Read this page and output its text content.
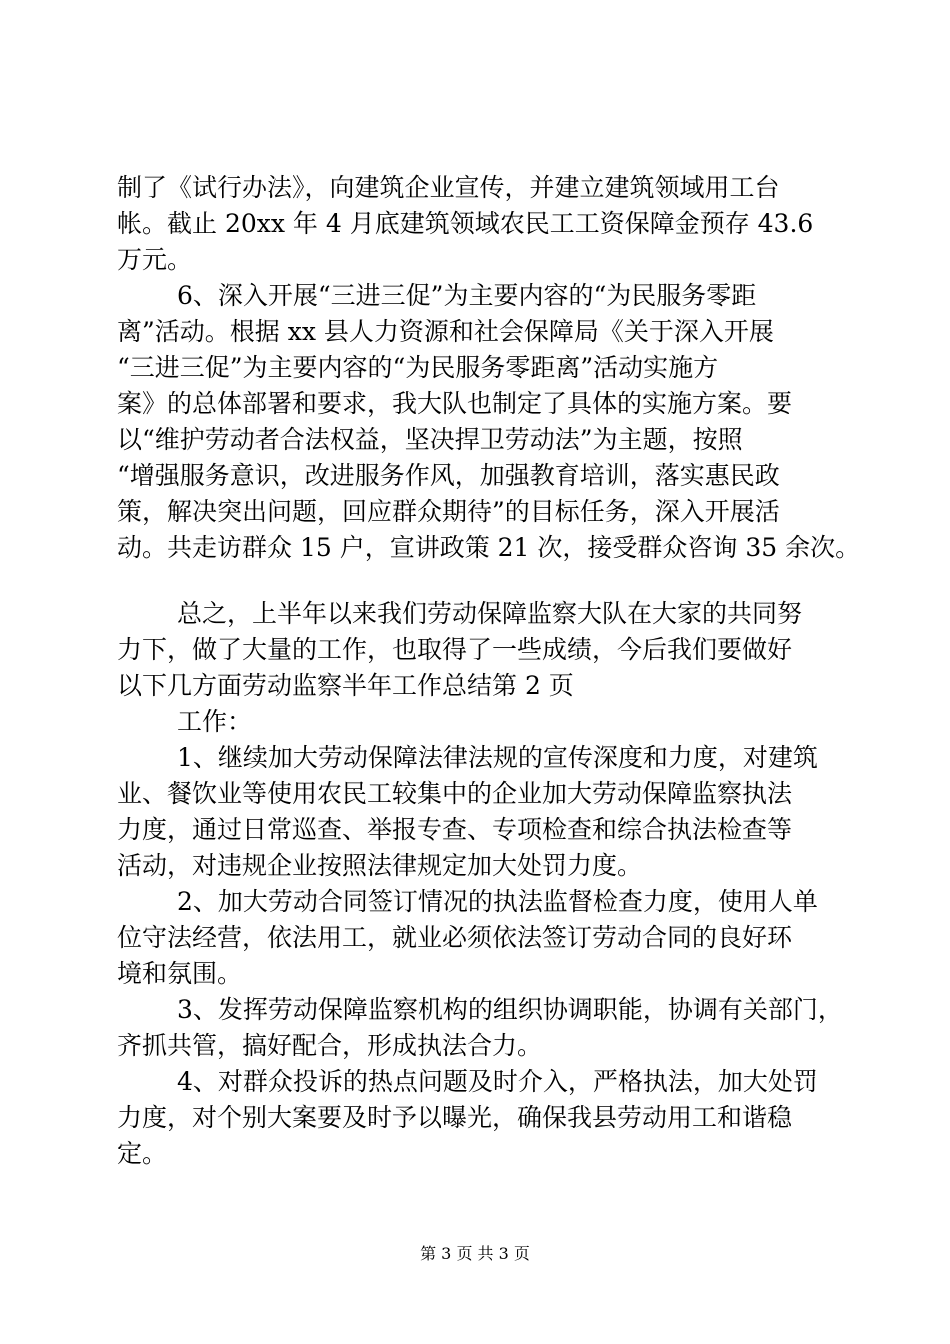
制了《试行办法》，向建筑企业宣传，并建立建筑领域用工台
帐。截止 20xx 年 4 月底建筑领域农民工工资保障金预存 43.6
万元。
6、深入开展“三进三促”为主要内容的“为民服务零距
离”活动。根据 xx 县人力资源和社会保障局《关于深入开展
“三进三促”为主要内容的“为民服务零距离”活动实施方
案》的总体部署和要求，我大队也制定了具体的实施方案。要
以“维护劳动者合法权益，坚决捍卫劳动法”为主题，按照
“增强服务意识，改进服务作风，加强教育培训，落实惠民政
策，解决突出问题，回应群众期待”的目标任务，深入开展活
动。共走访群众 15 户，宣讲政策 21 次，接受群众咨询 35 余次。
总之，上半年以来我们劳动保障监察大队在大家的共同努
力下，做了大量的工作，也取得了一些成绩，今后我们要做好
以下几方面劳动监察半年工作总结第 2 页
工作：
1、继续加大劳动保障法律法规的宣传深度和力度，对建筑
业、餐饮业等使用农民工较集中的企业加大劳动保障监察执法
力度，通过日常巡查、举报专查、专项检查和综合执法检查等
活动，对违规企业按照法律规定加大处罚力度。
2、加大劳动合同签订情况的执法监督检查力度，使用人单
位守法经营，依法用工，就业必须依法签订劳动合同的良好环
境和氛围。
3、发挥劳动保障监察机构的组织协调职能，协调有关部门，
齐抓共管，搞好配合，形成执法合力。
4、对群众投诉的热点问题及时介入，严格执法，加大处罚
力度，对个别大案要及时予以曝光，确保我县劳动用工和谐稳
定。
第 3 页 共 3 页
